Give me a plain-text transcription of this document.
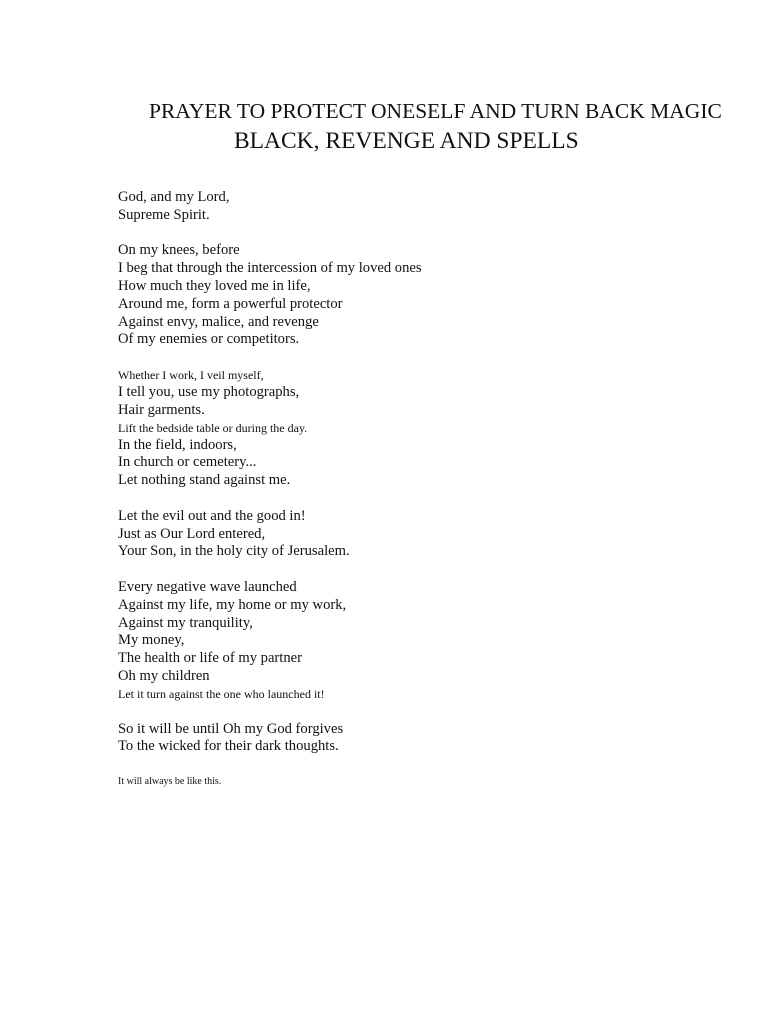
PRAYER TO PROTECT ONESELF AND TURN BACK MAGIC
BLACK, REVENGE AND SPELLS
God, and my Lord,
Supreme Spirit.
On my knees, before
I beg that through the intercession of my loved ones
How much they loved me in life,
Around me, form a powerful protector
Against envy, malice, and revenge
Of my enemies or competitors.
Whether I work, I veil myself,
I tell you, use my photographs,
Hair garments.
Lift the bedside table or during the day.
In the field, indoors,
In church or cemetery...
Let nothing stand against me.
Let the evil out and the good in!
Just as Our Lord entered,
Your Son, in the holy city of Jerusalem.
Every negative wave launched
Against my life, my home or my work,
Against my tranquility,
My money,
The health or life of my partner
Oh my children
Let it turn against the one who launched it!
So it will be until Oh my God forgives
To the wicked for their dark thoughts.
It will always be like this.
